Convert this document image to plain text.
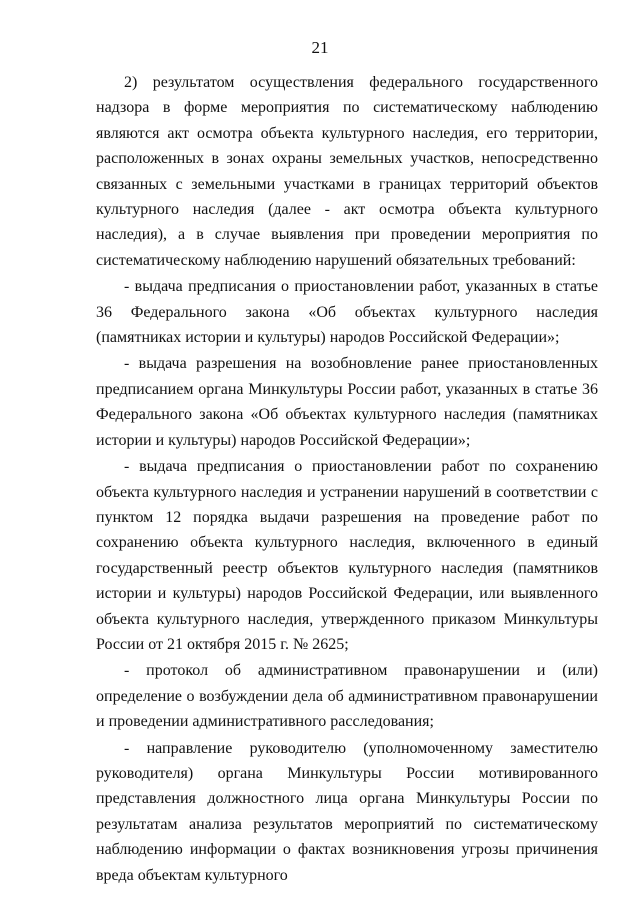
21

2) результатом осуществления федерального государственного надзора в форме мероприятия по систематическому наблюдению являются акт осмотра объекта культурного наследия, его территории, расположенных в зонах охраны земельных участков, непосредственно связанных с земельными участками в границах территорий объектов культурного наследия (далее - акт осмотра объекта культурного наследия), а в случае выявления при проведении мероприятия по систематическому наблюдению нарушений обязательных требований:

- выдача предписания о приостановлении работ, указанных в статье 36 Федерального закона «Об объектах культурного наследия (памятниках истории и культуры) народов Российской Федерации»;

- выдача разрешения на возобновление ранее приостановленных предписанием органа Минкультуры России работ, указанных в статье 36 Федерального закона «Об объектах культурного наследия (памятниках истории и культуры) народов Российской Федерации»;

- выдача предписания о приостановлении работ по сохранению объекта культурного наследия и устранении нарушений в соответствии с пунктом 12 порядка выдачи разрешения на проведение работ по сохранению объекта культурного наследия, включенного в единый государственный реестр объектов культурного наследия (памятников истории и культуры) народов Российской Федерации, или выявленного объекта культурного наследия, утвержденного приказом Минкультуры России от 21 октября 2015 г. № 2625;

- протокол об административном правонарушении и (или) определение о возбуждении дела об административном правонарушении и проведении административного расследования;

- направление руководителю (уполномоченному заместителю руководителя) органа Минкультуры России мотивированного представления должностного лица органа Минкультуры России по результатам анализа результатов мероприятий по систематическому наблюдению информации о фактах возникновения угрозы причинения вреда объектам культурного
